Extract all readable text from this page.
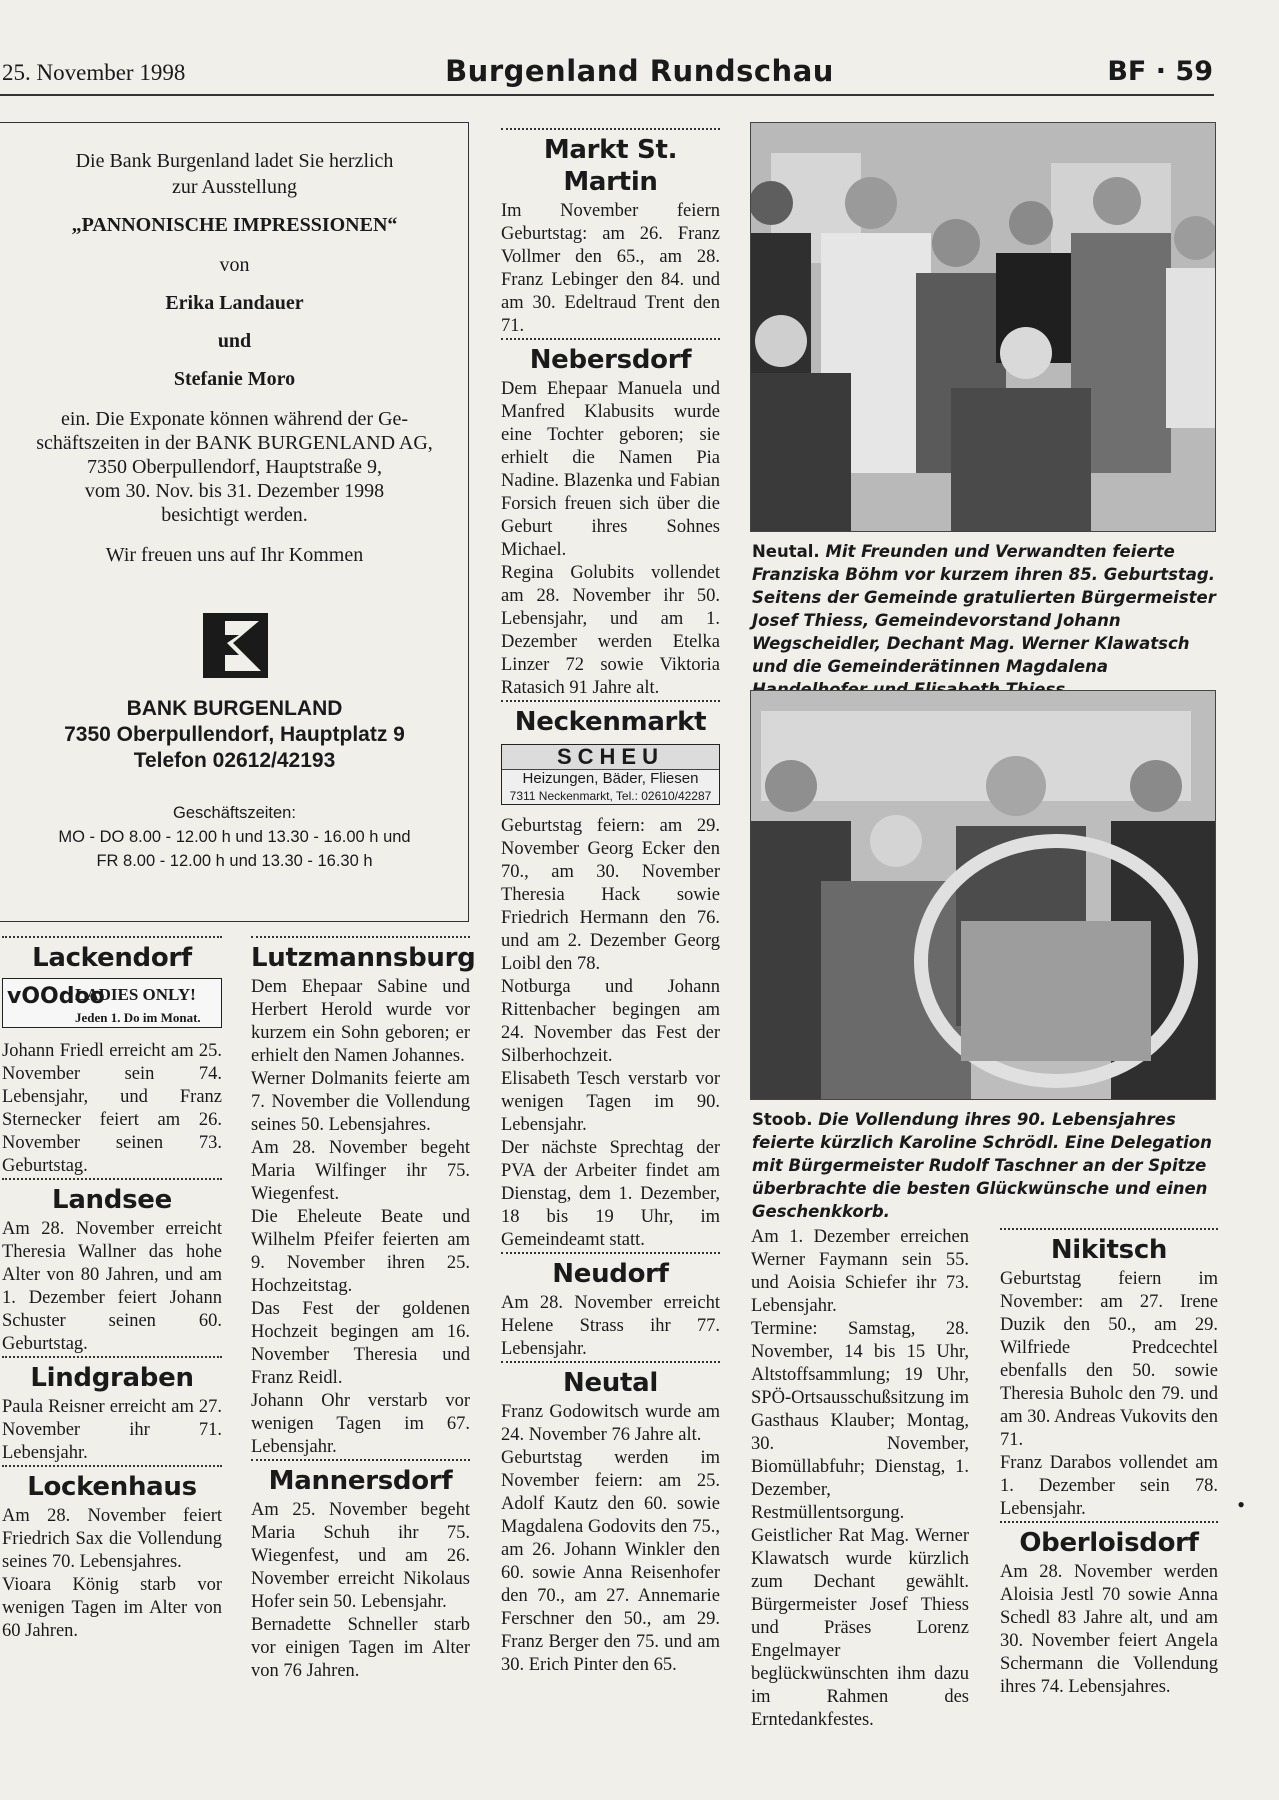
25. November 1998	Burgenland Rundschau	BF · 59
Die Bank Burgenland ladet Sie herzlich
zur Ausstellung
„PANNONISCHE IMPRESSIONEN“
von
Erika Landauer
und
Stefanie Moro
ein. Die Exponate können während der Ge-
schäftszeiten in der BANK BURGENLAND AG,
7350 Oberpullendorf, Hauptstraße 9,
vom 30. Nov. bis 31. Dezember 1998
besichtigt werden.
Wir freuen uns auf Ihr Kommen
BANK BURGENLAND
7350 Oberpullendorf, Hauptplatz 9
Telefon 02612/42193
Geschäftszeiten:
MO - DO 8.00 - 12.00 h und 13.30 - 16.00 h und
FR 8.00 - 12.00 h und 13.30 - 16.30 h
Lackendorf
vOOdoo
LADIES ONLY!
Jeden 1. Do im Monat.

Johann Friedl erreicht am 25. November sein 74. Lebensjahr, und Franz Sternecker feiert am 26. November seinen 73. Geburtstag.

Landsee

Am 28. November erreicht Theresia Wallner das hohe Alter von 80 Jahren, und am 1. Dezember feiert Johann Schuster seinen 60. Geburtstag.

Lindgraben

Paula Reisner erreicht am 27. November ihr 71. Lebensjahr.

Lockenhaus

Am 28. November feiert Friedrich Sax die Vollendung seines 70. Lebensjahres.

Vioara König starb vor wenigen Tagen im Alter von 60 Jahren.

Lutzmannsburg

Dem Ehepaar Sabine und Herbert Herold wurde vor kurzem ein Sohn geboren; er erhielt den Namen Johannes.

Werner Dolmanits feierte am 7. November die Vollendung seines 50. Lebensjahres.

Am 28. November begeht Maria Wilfinger ihr 75. Wiegenfest.

Die Eheleute Beate und Wilhelm Pfeifer feierten am 9. November ihren 25. Hochzeitstag.

Das Fest der goldenen Hochzeit begingen am 16. November Theresia und Franz Reidl.

Johann Ohr verstarb vor wenigen Tagen im 67. Lebensjahr.

Mannersdorf

Am 25. November begeht Maria Schuh ihr 75. Wiegenfest, und am 26. November erreicht Nikolaus Hofer sein 50. Lebensjahr.

Bernadette Schneller starb vor einigen Tagen im Alter von 76 Jahren.

Markt St. Martin

Im November feiern Geburtstag: am 26. Franz Vollmer den 65., am 28. Franz Lebinger den 84. und am 30. Edeltraud Trent den 71.

Nebersdorf

Dem Ehepaar Manuela und Manfred Klabusits wurde eine Tochter geboren; sie erhielt die Namen Pia Nadine. Blazenka und Fabian Forsich freuen sich über die Geburt ihres Sohnes Michael.

Regina Golubits vollendet am 28. November ihr 50. Lebensjahr, und am 1. Dezember werden Etelka Linzer 72 sowie Viktoria Ratasich 91 Jahre alt.

Neckenmarkt
SCHEU
Heizungen, Bäder, Fliesen
7311 Neckenmarkt, Tel.: 02610/42287

Geburtstag feiern: am 29. November Georg Ecker den 70., am 30. November Theresia Hack sowie Friedrich Hermann den 76. und am 2. Dezember Georg Loibl den 78.

Notburga und Johann Rittenbacher begingen am 24. November das Fest der Silberhochzeit.

Elisabeth Tesch verstarb vor wenigen Tagen im 90. Lebensjahr.

Der nächste Sprechtag der PVA der Arbeiter findet am Dienstag, dem 1. Dezember, 18 bis 19 Uhr, im Gemeindeamt statt.

Neudorf

Am 28. November erreicht Helene Strass ihr 77. Lebensjahr.

Neutal

Franz Godowitsch wurde am 24. November 76 Jahre alt.

Geburtstag werden im November feiern: am 25. Adolf Kautz den 60. sowie Magdalena Godovits den 75., am 26. Johann Winkler den 60. sowie Anna Reisenhofer den 70., am 27. Annemarie Ferschner den 50., am 29. Franz Berger den 75. und am 30. Erich Pinter den 65.

Neutal. Mit Freunden und Verwandten feierte Franziska Böhm vor kurzem ihren 85. Geburtstag. Seitens der Gemeinde gratulierten Bürgermeister Josef Thiess, Gemeindevorstand Johann Wegscheidler, Dechant Mag. Werner Klawatsch und die Gemeinderätinnen Magdalena
Stoob. Die Vollendung ihres 90. Lebensjahres feierte kürzlich Karoline Schrödl. Eine Delegation mit Bürgermeister Rudolf Taschner an der Spitze überbrachte die besten Glückwünsche und einen Geschenkkorb.

Am 1. Dezember erreichen Werner Faymann sein 55. und Aoisia Schiefer ihr 73. Lebensjahr.

Termine: Samstag, 28. November, 14 bis 15 Uhr, Altstoffsammlung; 19 Uhr, SPÖ-Ortsausschußsitzung im Gasthaus Klauber; Montag, 30. November, Biomüllabfuhr; Dienstag, 1. Dezember, Restmüllentsorgung.

Geistlicher Rat Mag. Werner Klawatsch wurde kürzlich zum Dechant gewählt. Bürgermeister Josef Thiess und Präses Lorenz Engelmayer beglückwünschten ihm dazu im Rahmen des Erntedankfestes.

Nikitsch

Geburtstag feiern im November: am 27. Irene Duzik den 50., am 29. Wilfriede Predcechtel ebenfalls den 50. sowie Theresia Buholc den 79. und am 30. Andreas Vukovits den 71.

Franz Darabos vollendet am 1. Dezember sein 78. Lebensjahr.

Oberloisdorf

Am 28. November werden Aloisia Jestl 70 sowie Anna Schedl 83 Jahre alt, und am 30. November feiert Angela Schermann die Vollendung ihres 74. Lebensjahres.

•
